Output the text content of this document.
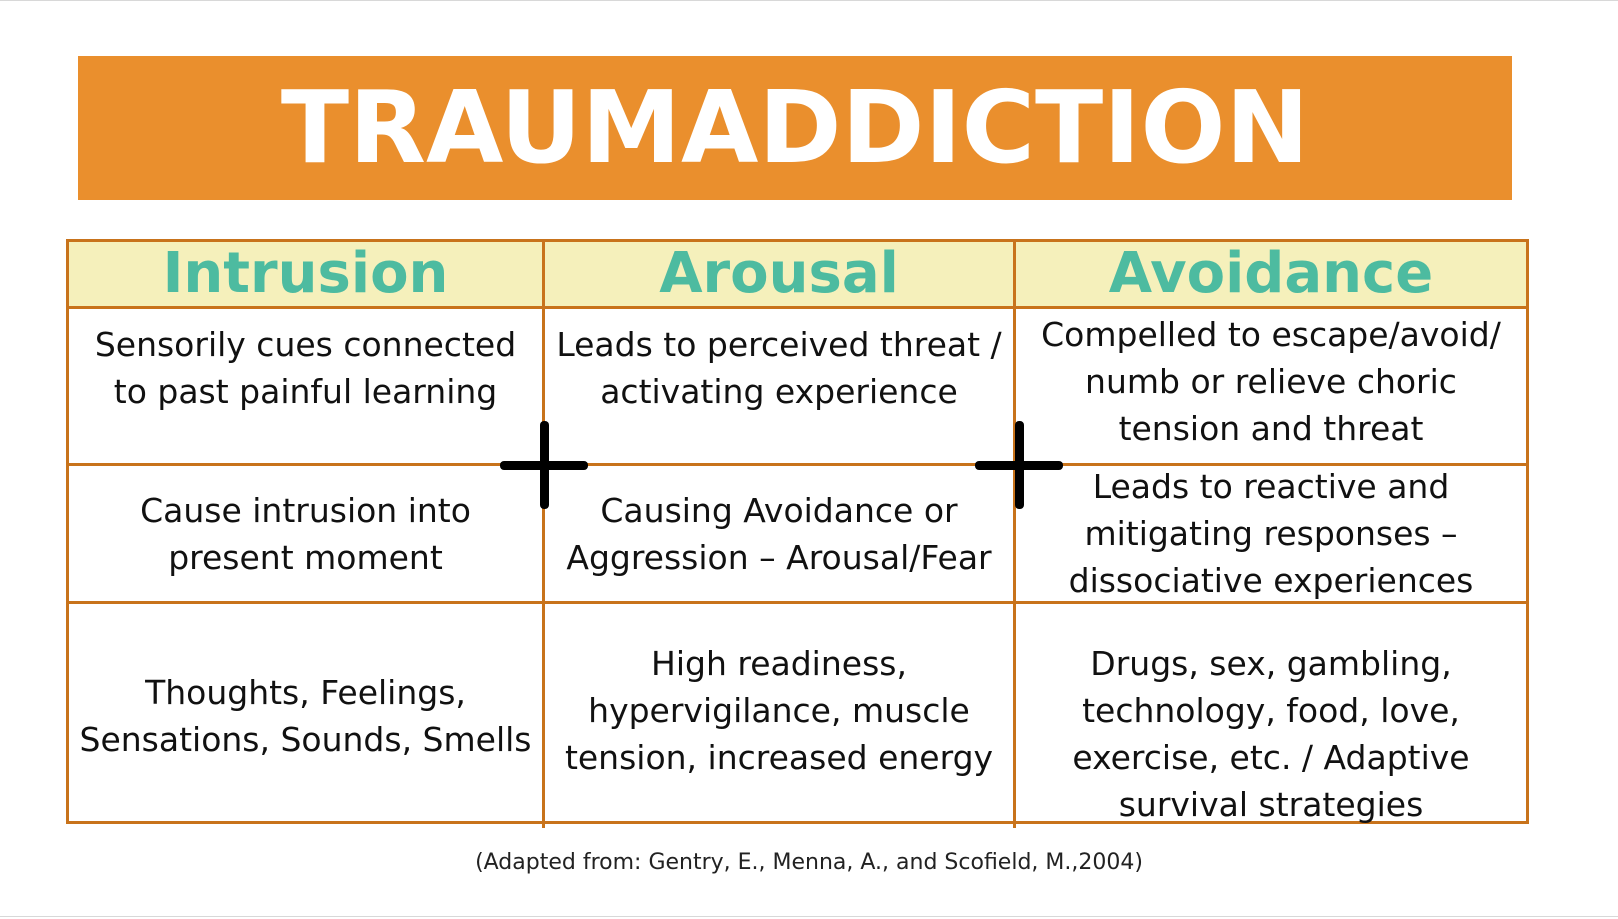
TRAUMADDICTION
Intrusion	Arousal	Avoidance
Sensorily cues connected to past painful learning
Leads to perceived threat / activating experience
Compelled to escape/avoid/ numb or relieve choric tension and threat
Cause intrusion into present moment
Causing Avoidance or Aggression – Arousal/Fear
Leads to reactive and mitigating responses – dissociative experiences
Thoughts, Feelings, Sensations, Sounds, Smells
High readiness, hypervigilance, muscle tension, increased energy
Drugs, sex, gambling, technology, food, love, exercise, etc. / Adaptive survival strategies
(Adapted from: Gentry, E., Menna, A., and Scofield, M.,2004)
